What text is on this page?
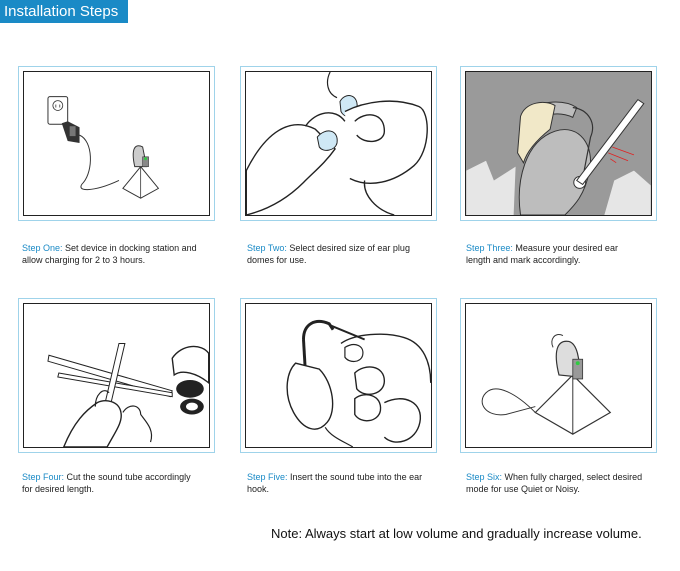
Installation Steps
Step One: Set device in docking station and allow charging for 2 to 3 hours.
Step Two: Select desired size of ear plug domes for use.
Step Three: Measure your desired ear length and mark accordingly.
Step Four: Cut the sound tube accordingly for desired length.
Step Five: Insert the sound tube into the ear hook.
Step Six: When fully charged, select desired mode for use Quiet or Noisy.
Note: Always start at low volume and gradually increase volume.
